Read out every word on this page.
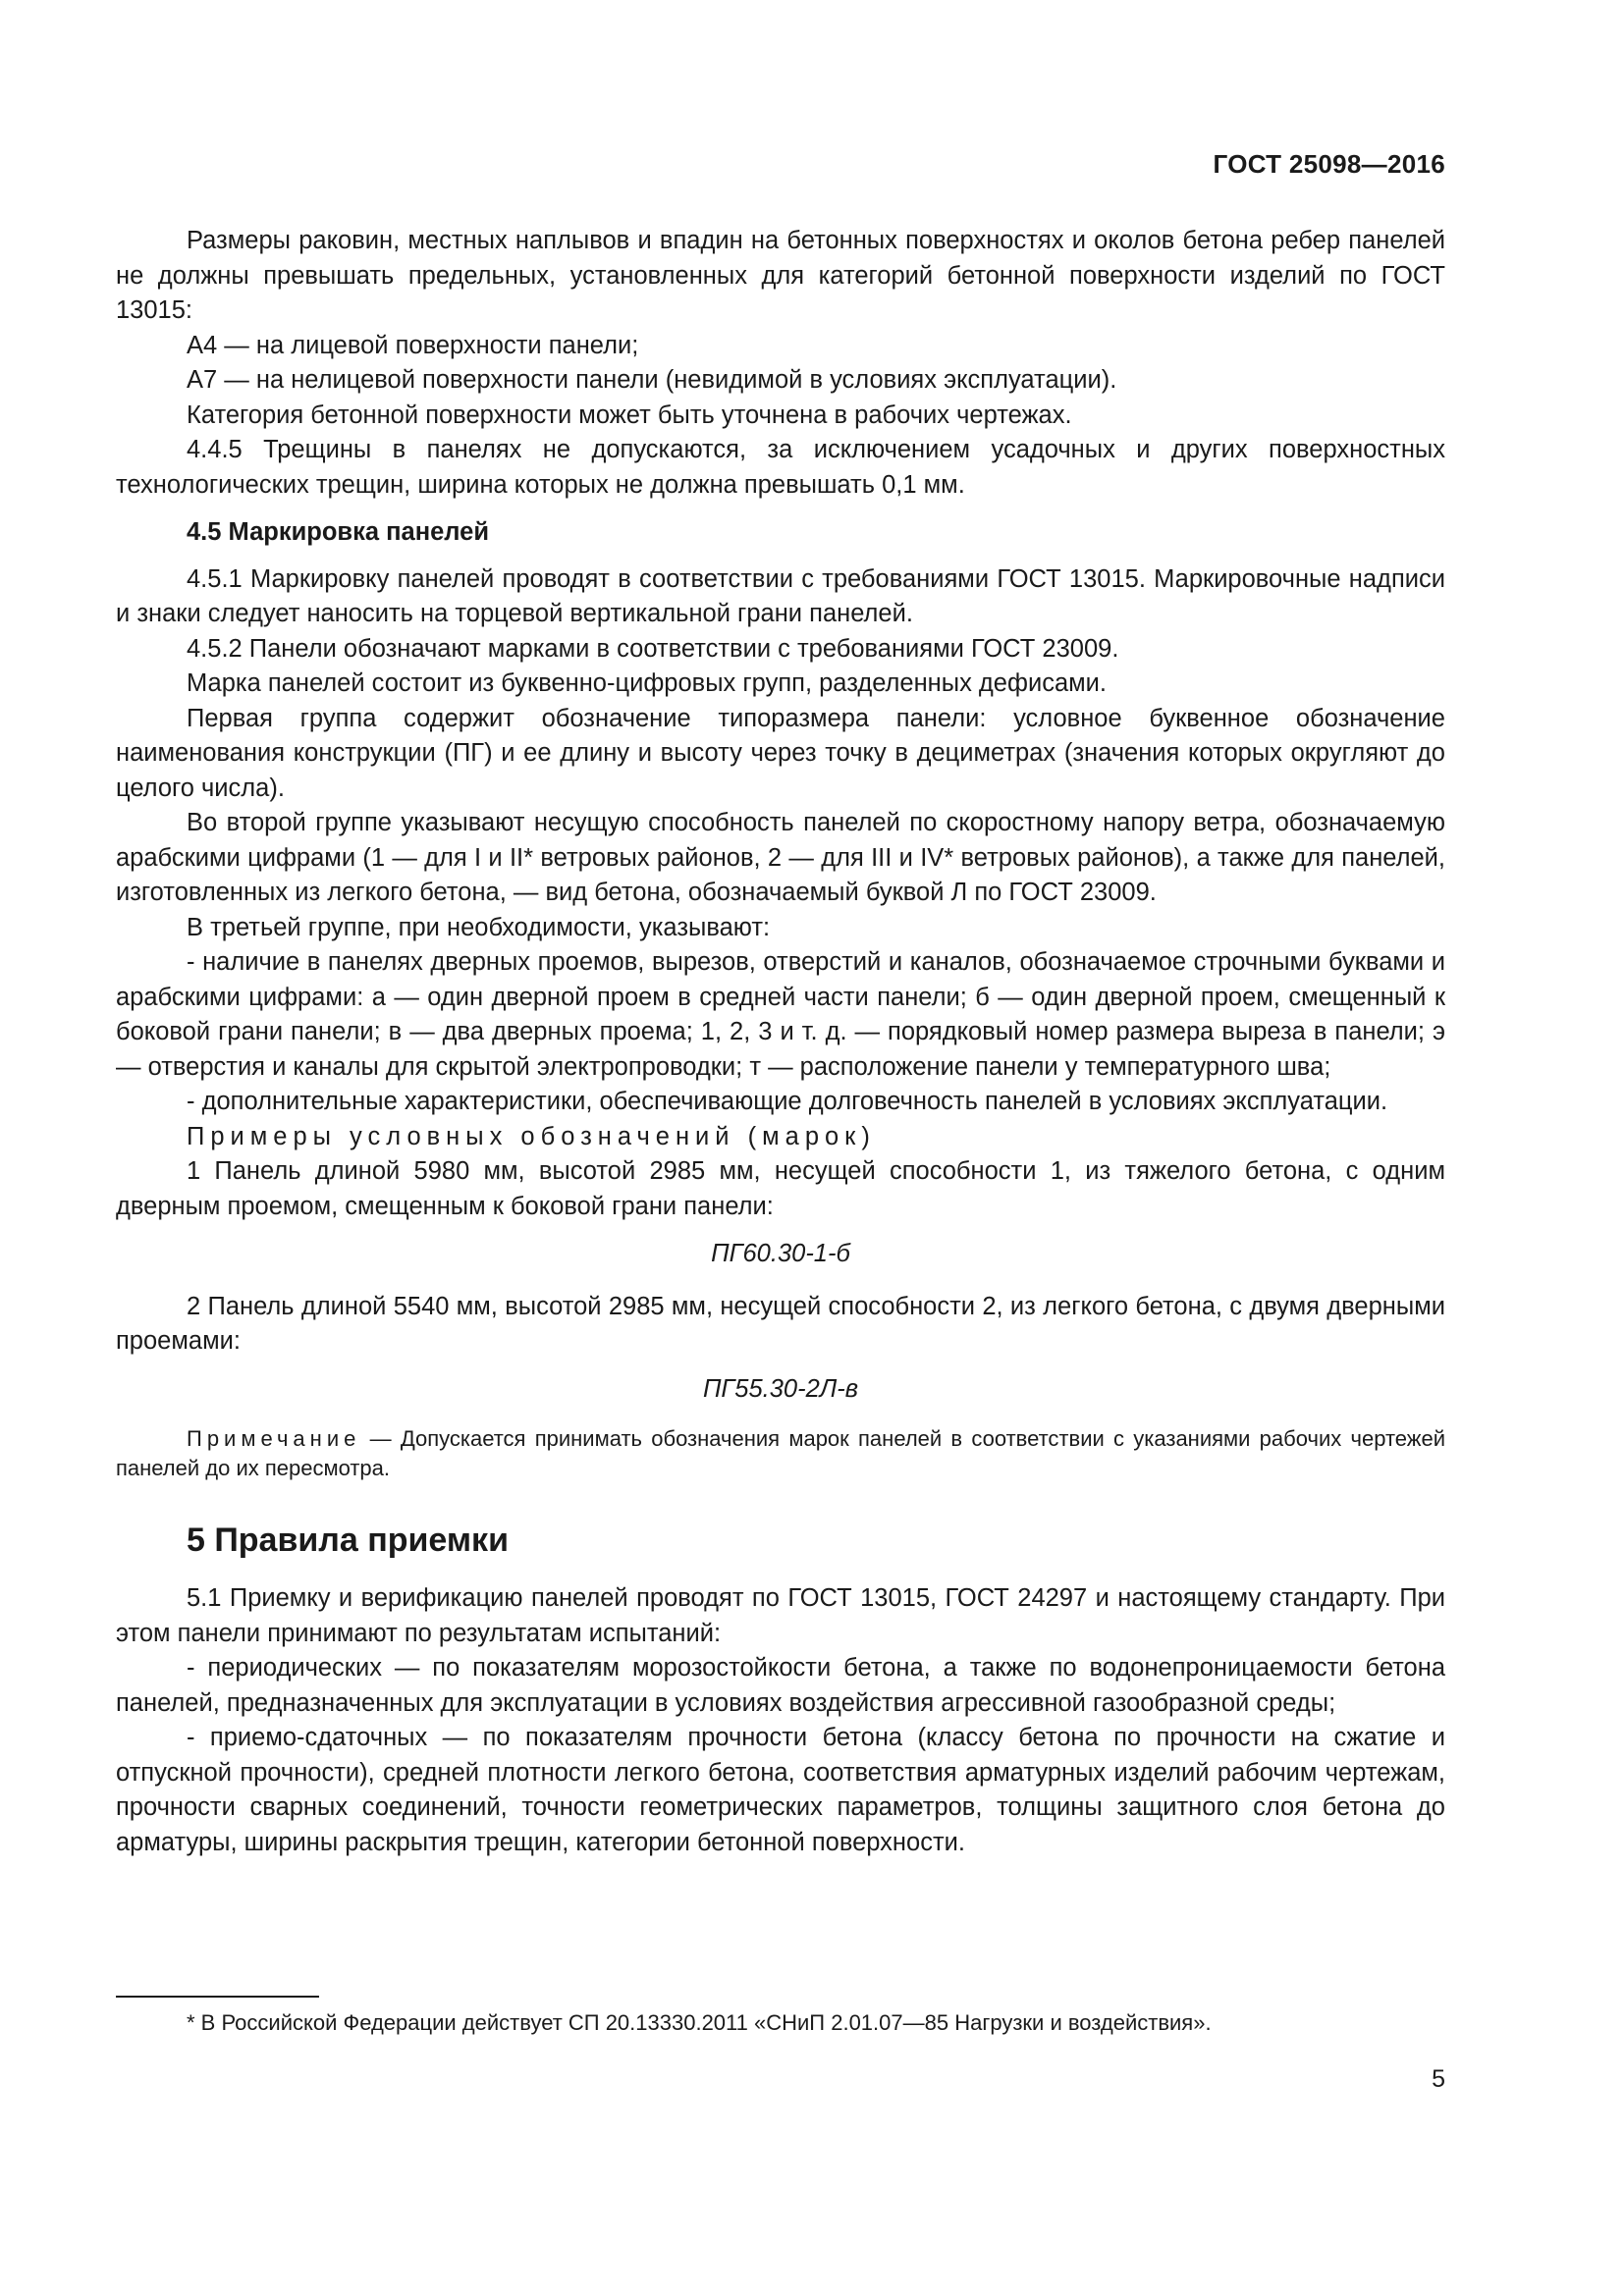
ГОСТ 25098—2016

Размеры раковин, местных наплывов и впадин на бетонных поверхностях и околов бетона ребер панелей не должны превышать предельных, установленных для категорий бетонной поверхности изделий по ГОСТ 13015:

А4 — на лицевой поверхности панели;

А7 — на нелицевой поверхности панели (невидимой в условиях эксплуатации).

Категория бетонной поверхности может быть уточнена в рабочих чертежах.

4.4.5 Трещины в панелях не допускаются, за исключением усадочных и других поверхностных технологических трещин, ширина которых не должна превышать 0,1 мм.

4.5 Маркировка панелей

4.5.1 Маркировку панелей проводят в соответствии с требованиями ГОСТ 13015. Маркировочные надписи и знаки следует наносить на торцевой вертикальной грани панелей.

4.5.2 Панели обозначают марками в соответствии с требованиями ГОСТ 23009.

Марка панелей состоит из буквенно-цифровых групп, разделенных дефисами.

Первая группа содержит обозначение типоразмера панели: условное буквенное обозначение наименования конструкции (ПГ) и ее длину и высоту через точку в дециметрах (значения которых округляют до целого числа).

Во второй группе указывают несущую способность панелей по скоростному напору ветра, обозначаемую арабскими цифрами (1 — для I и II* ветровых районов, 2 — для III и IV* ветровых районов), а также для панелей, изготовленных из легкого бетона, — вид бетона, обозначаемый буквой Л по ГОСТ 23009.

В третьей группе, при необходимости, указывают:

- наличие в панелях дверных проемов, вырезов, отверстий и каналов, обозначаемое строчными буквами и арабскими цифрами: а — один дверной проем в средней части панели; б — один дверной проем, смещенный к боковой грани панели; в — два дверных проема; 1, 2, 3 и т. д. — порядковый номер размера выреза в панели; э — отверстия и каналы для скрытой электропроводки; т — расположение панели у температурного шва;

- дополнительные характеристики, обеспечивающие долговечность панелей в условиях эксплуатации.

Примеры условных обозначений (марок)

1 Панель длиной 5980 мм, высотой 2985 мм, несущей способности 1, из тяжелого бетона, с одним дверным проемом, смещенным к боковой грани панели:

ПГ60.30-1-б

2 Панель длиной 5540 мм, высотой 2985 мм, несущей способности 2, из легкого бетона, с двумя дверными проемами:

ПГ55.30-2Л-в

Примечание — Допускается принимать обозначения марок панелей в соответствии с указаниями рабочих чертежей панелей до их пересмотра.

5 Правила приемки

5.1 Приемку и верификацию панелей проводят по ГОСТ 13015, ГОСТ 24297 и настоящему стандарту. При этом панели принимают по результатам испытаний:

- периодических — по показателям морозостойкости бетона, а также по водонепроницаемости бетона панелей, предназначенных для эксплуатации в условиях воздействия агрессивной газообразной среды;

- приемо-сдаточных — по показателям прочности бетона (классу бетона по прочности на сжатие и отпускной прочности), средней плотности легкого бетона, соответствия арматурных изделий рабочим чертежам, прочности сварных соединений, точности геометрических параметров, толщины защитного слоя бетона до арматуры, ширины раскрытия трещин, категории бетонной поверхности.

* В Российской Федерации действует СП 20.13330.2011 «СНиП 2.01.07—85 Нагрузки и воздействия».
5
